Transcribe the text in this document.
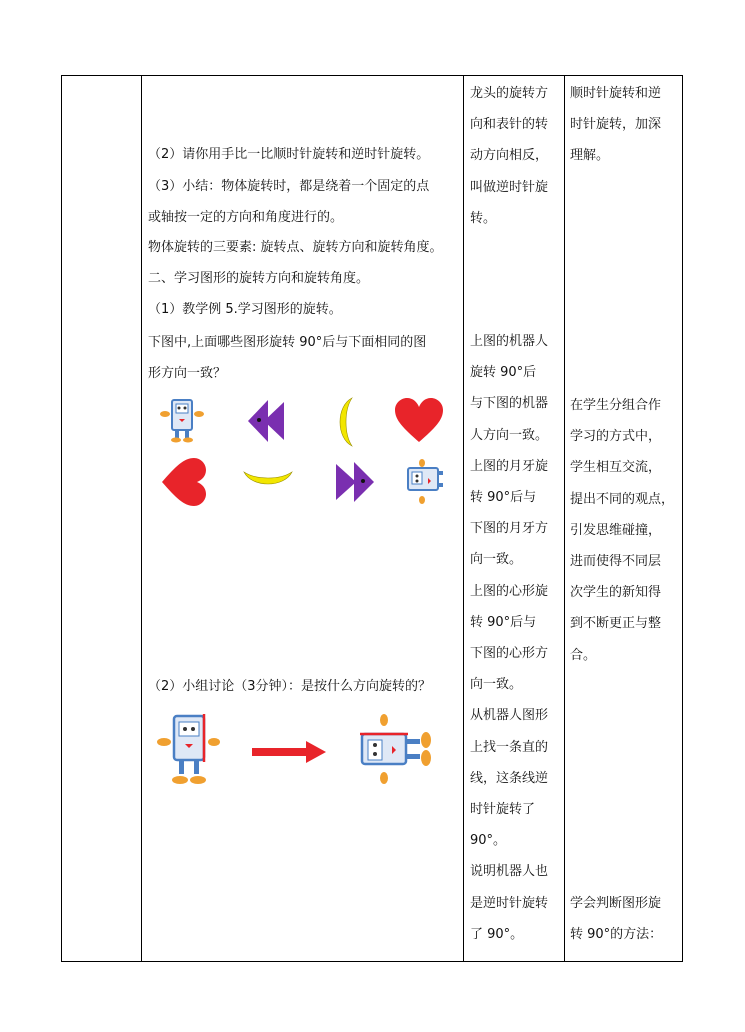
（2）请你用手比一比顺时针旋转和逆时针旋转。
（3）小结：物体旋转时，都是绕着一个固定的点
或轴按一定的方向和角度进行的。
物体旋转的三要素: 旋转点、旋转方向和旋转角度。
二、学习图形的旋转方向和旋转角度。
（1）教学例 5.学习图形的旋转。
下图中,上面哪些图形旋转 90°后与下面相同的图
形方向一致？
（2）小组讨论（3分钟）：是按什么方向旋转的？
龙头的旋转方
向和表针的转
动方向相反，
叫做逆时针旋
转。
上图的机器人
旋转 90°后
与下图的机器
人方向一致。
上图的月牙旋
转 90°后与
下图的月牙方
向一致。
上图的心形旋
转 90°后与
下图的心形方
向一致。
从机器人图形
上找一条直的
线，这条线逆
时针旋转了
90°。
说明机器人也
是逆时针旋转
了 90°。
顺时针旋转和逆
时针旋转，加深
理解。
在学生分组合作
学习的方式中，
学生相互交流，
提出不同的观点，
引发思维碰撞，
进而使得不同层
次学生的新知得
到不断更正与整
合。
学会判断图形旋
转 90°的方法：
